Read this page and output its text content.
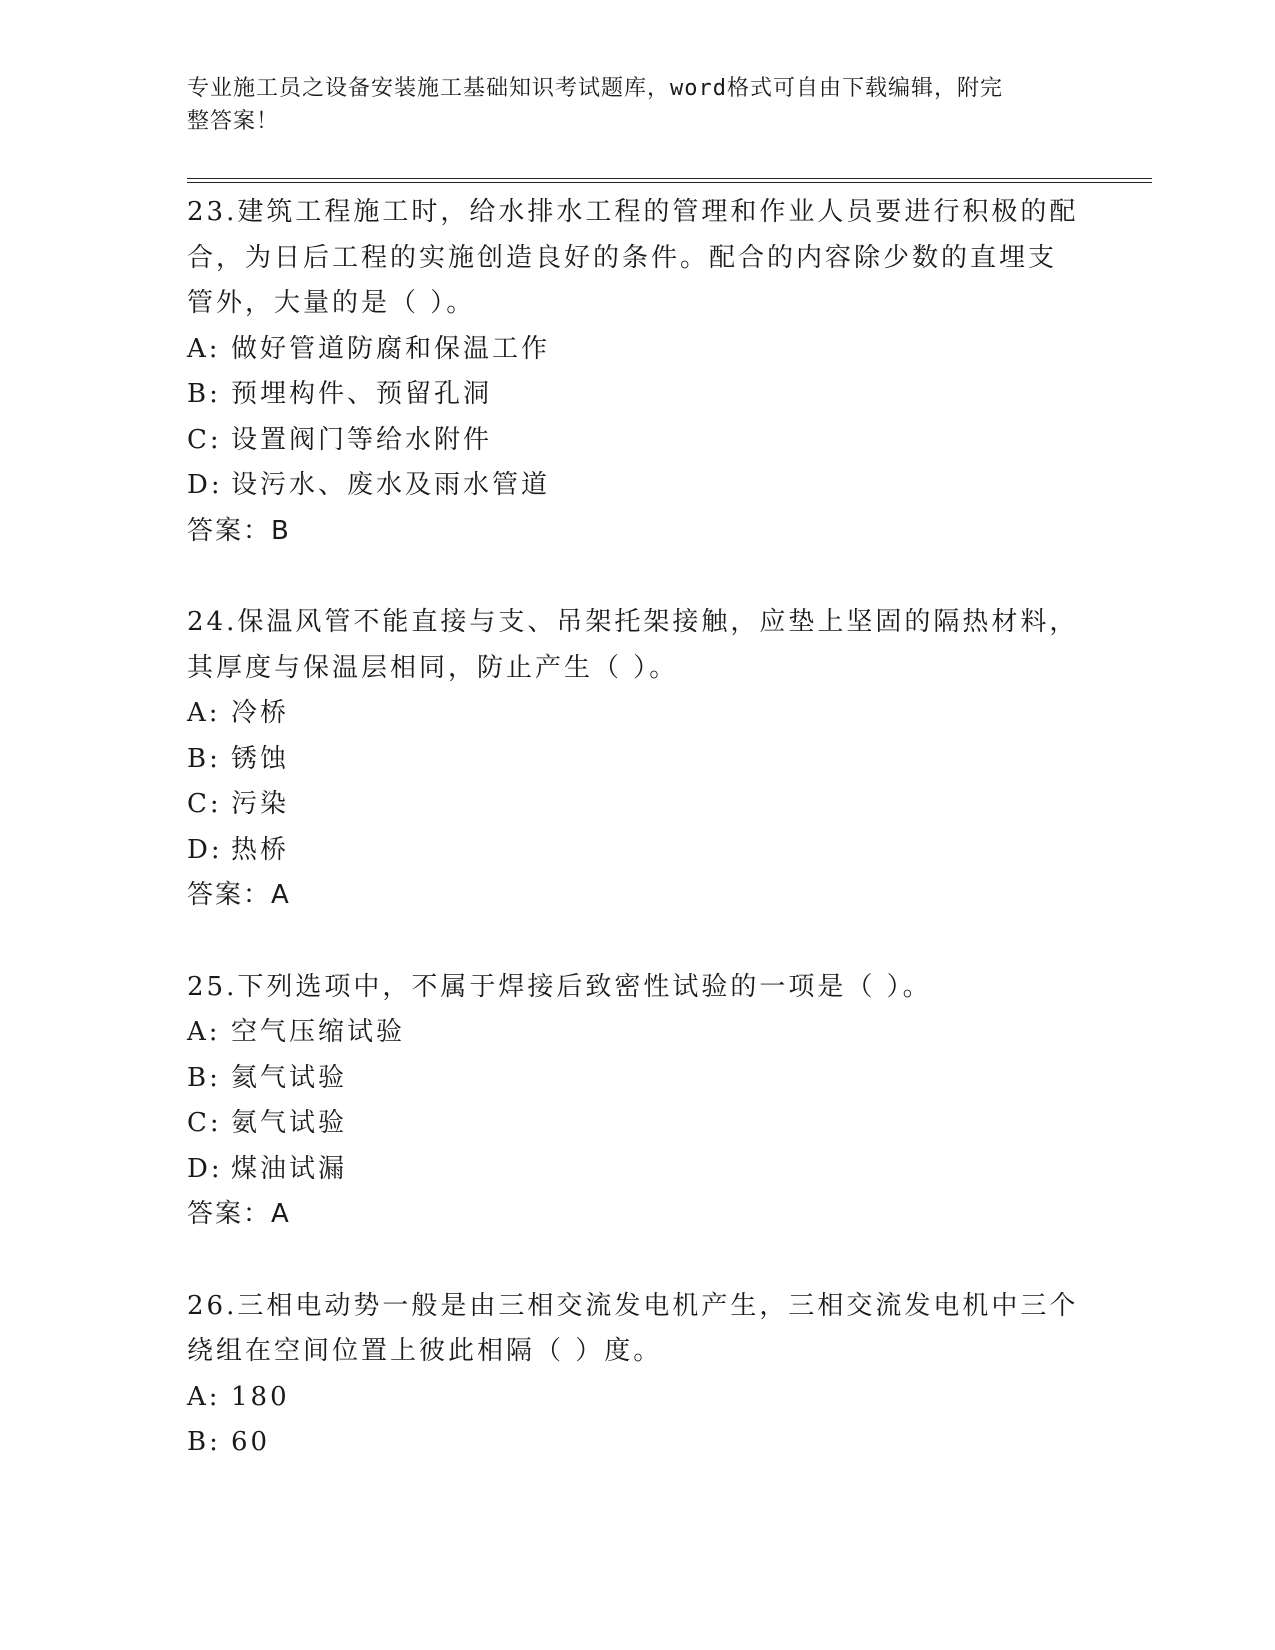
专业施工员之设备安装施工基础知识考试题库，word格式可自由下载编辑，附完
整答案！
23.建筑工程施工时，给水排水工程的管理和作业人员要进行积极的配
合，为日后工程的实施创造良好的条件。配合的内容除少数的直埋支
管外，大量的是（ ）。
A: 做好管道防腐和保温工作
B: 预埋构件、预留孔洞
C: 设置阀门等给水附件
D: 设污水、废水及雨水管道
答案：B
24.保温风管不能直接与支、吊架托架接触，应垫上坚固的隔热材料，
其厚度与保温层相同，防止产生（ ）。
A: 冷桥
B: 锈蚀
C: 污染
D: 热桥
答案：A
25.下列选项中，不属于焊接后致密性试验的一项是（ ）。
A: 空气压缩试验
B: 氦气试验
C: 氨气试验
D: 煤油试漏
答案：A
26.三相电动势一般是由三相交流发电机产生，三相交流发电机中三个
绕组在空间位置上彼此相隔（ ）度。
A: 180
B: 60
